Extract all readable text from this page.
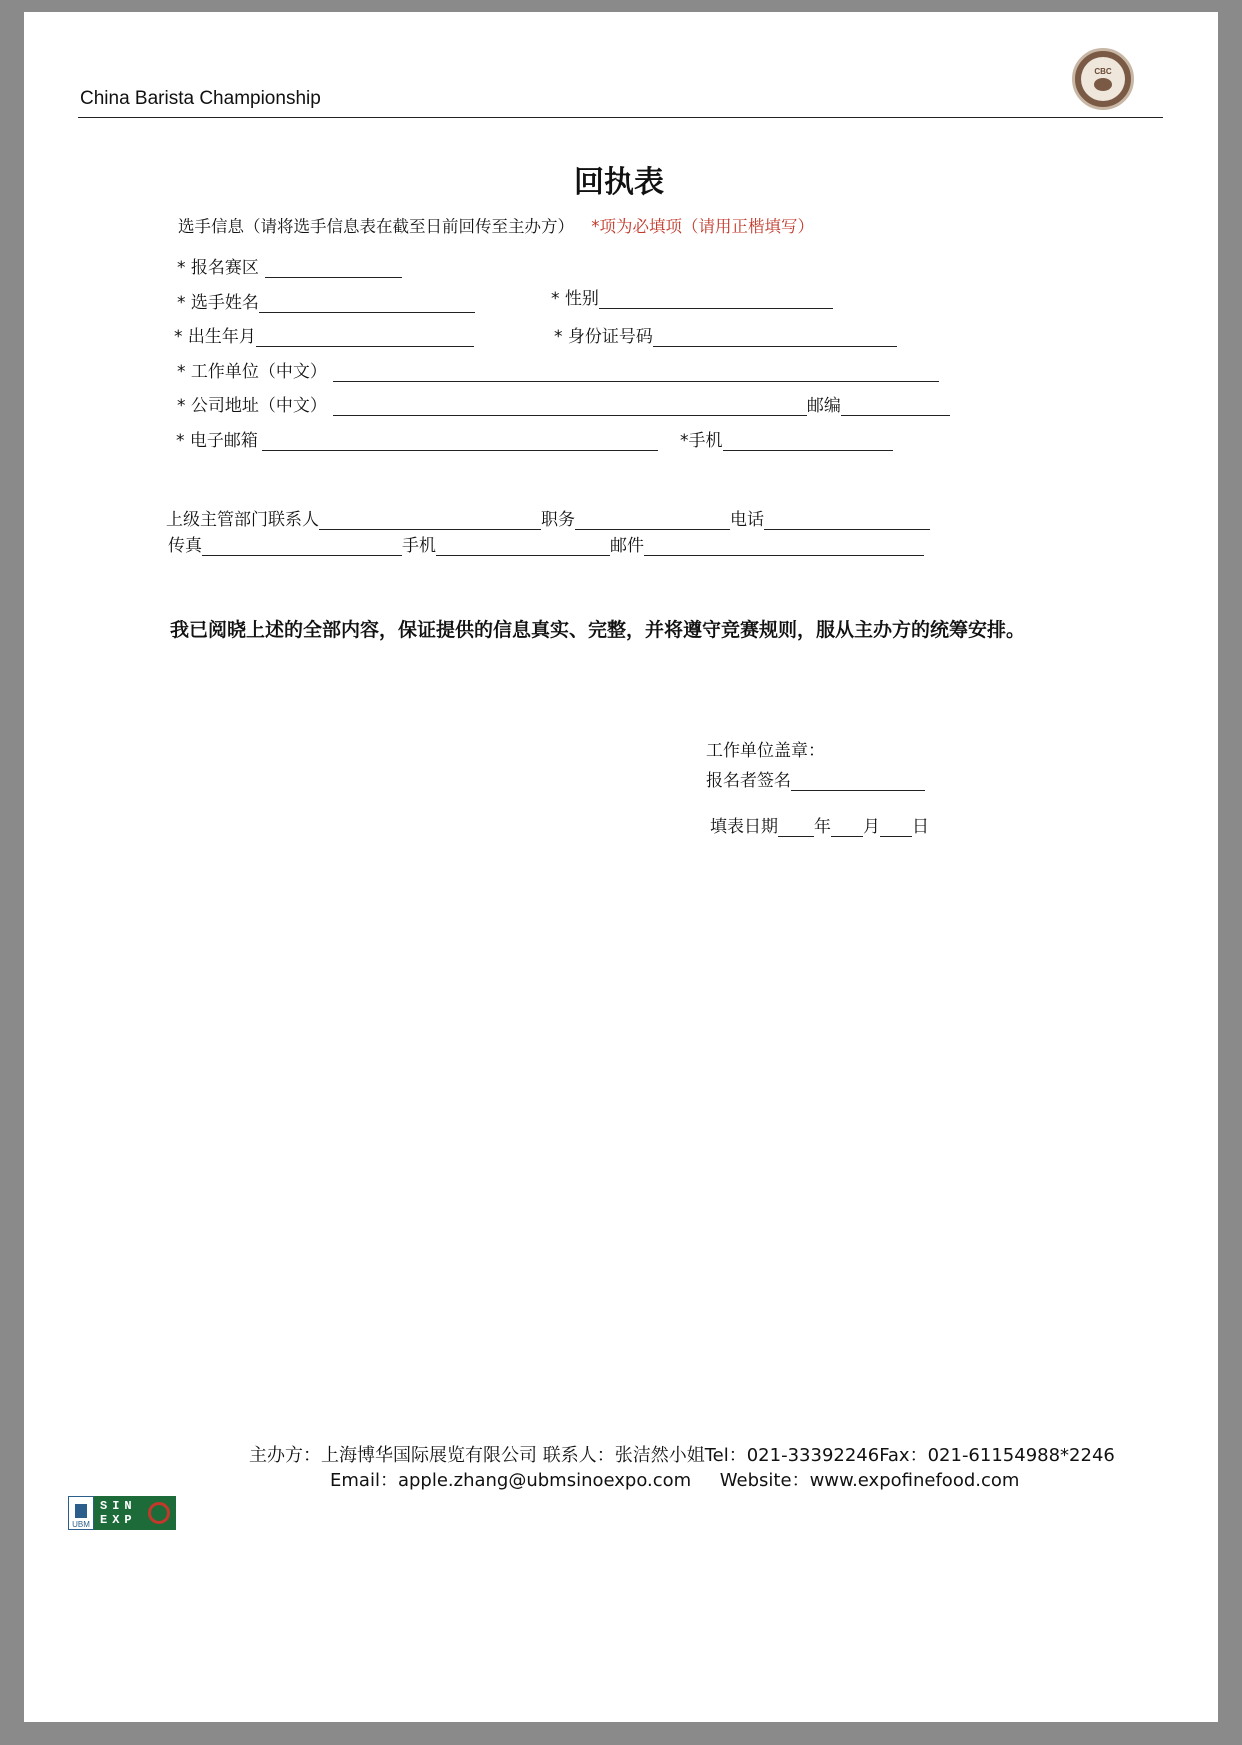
China Barista Championship
CBC
回执表
选手信息（请将选手信息表在截至日前回传至主办方） *项为必填项（请用正楷填写）
* 报名赛区
* 选手姓名	* 性别
* 出生年月	* 身份证号码
* 工作单位（中文）
* 公司地址（中文）	邮编
* 电子邮箱	*手机
上级主管部门联系人	职务	电话
传真	手机	邮件
我已阅晓上述的全部内容，保证提供的信息真实、完整，并将遵守竞赛规则，服从主办方的统筹安排。
工作单位盖章：
报名者签名
填表日期 年 月 日
UBM
SIN
EXP
主办方：上海博华国际展览有限公司 联系人：张洁然小姐Tel：021-33392246Fax：021-61154988*2246
Email：apple.zhang@ubmsinoexpo.com     Website：www.expofinefood.com
